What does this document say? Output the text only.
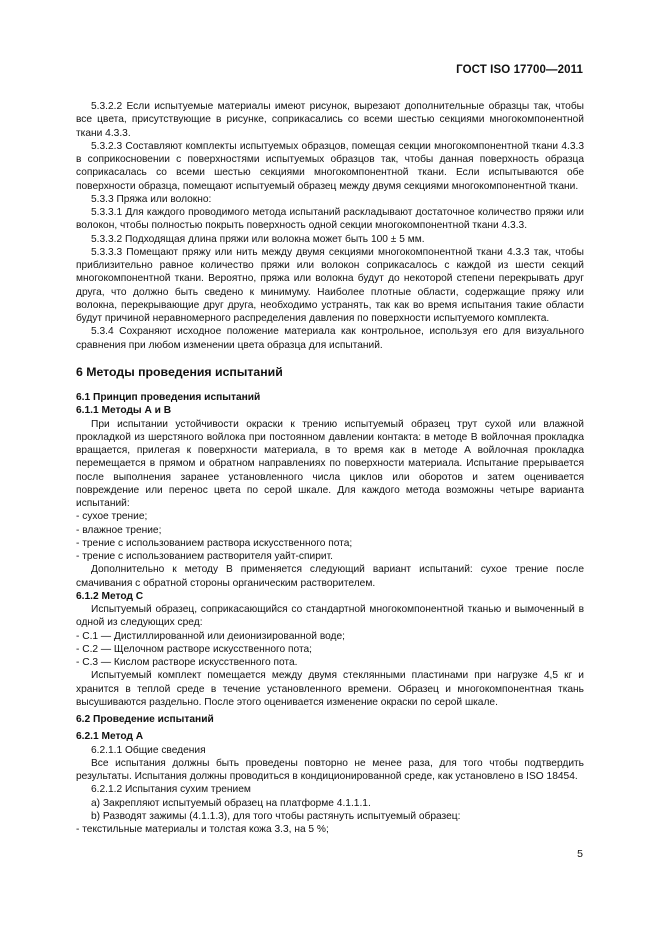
ГОСТ ISO 17700—2011

5.3.2.2 Если испытуемые материалы имеют рисунок, вырезают дополнительные образцы так, чтобы все цвета, присутствующие в рисунке, соприкасались со всеми шестью секциями многокомпонентной ткани 4.3.3.

5.3.2.3 Составляют комплекты испытуемых образцов, помещая секции многокомпонентной ткани 4.3.3 в соприкосновении с поверхностями испытуемых образцов так, чтобы данная поверхность образца соприкасалась со всеми шестью секциями многокомпонентной ткани. Если испытываются обе поверхности образца, помещают испытуемый образец между двумя секциями многокомпонентной ткани.

5.3.3 Пряжа или волокно:

5.3.3.1 Для каждого проводимого метода испытаний раскладывают достаточное количество пряжи или волокон, чтобы полностью покрыть поверхность одной секции многокомпонентной ткани 4.3.3.

5.3.3.2 Подходящая длина пряжи или волокна может быть 100 ± 5 мм.

5.3.3.3 Помещают пряжу или нить между двумя секциями многокомпонентной ткани 4.3.3 так, чтобы приблизительно равное количество пряжи или волокон соприкасалось с каждой из шести секций многокомпонентной ткани. Вероятно, пряжа или волокна будут до некоторой степени перекрывать друг друга, что должно быть сведено к минимуму. Наиболее плотные области, содержащие пряжу или волокна, перекрывающие друг друга, необходимо устранять, так как во время испытания такие области будут причиной неравномерного распределения давления по поверхности испытуемого комплекта.

5.3.4 Сохраняют исходное положение материала как контрольное, используя его для визуального сравнения при любом изменении цвета образца для испытаний.

6 Методы проведения испытаний
6.1 Принцип проведения испытаний
6.1.1 Методы А и В

При испытании устойчивости окраски к трению испытуемый образец трут сухой или влажной прокладкой из шерстяного войлока при постоянном давлении контакта: в методе В войлочная прокладка вращается, прилегая к поверхности материала, в то время как в методе А войлочная прокладка перемещается в прямом и обратном направлениях по поверхности материала. Испытание прерывается после выполнения заранее установленного числа циклов или оборотов и затем оценивается повреждение или перенос цвета по серой шкале. Для каждого метода возможны четыре варианта испытаний:

- сухое трение;

- влажное трение;

- трение с использованием раствора искусственного пота;

- трение с использованием растворителя уайт-спирит.

Дополнительно к методу В применяется следующий вариант испытаний: сухое трение после смачивания с обратной стороны органическим растворителем.

6.1.2 Метод С

Испытуемый образец, соприкасающийся со стандартной многокомпонентной тканью и вымоченный в одной из следующих сред:

- С.1 — Дистиллированной или деионизированной воде;

- С.2 — Щелочном растворе искусственного пота;

- С.3 — Кислом растворе искусственного пота.

Испытуемый комплект помещается между двумя стеклянными пластинами при нагрузке 4,5 кг и хранится в теплой среде в течение установленного времени. Образец и многокомпонентная ткань высушиваются раздельно. После этого оценивается изменение окраски по серой шкале.

6.2 Проведение испытаний
6.2.1 Метод А

6.2.1.1 Общие сведения

Все испытания должны быть проведены повторно не менее раза, для того чтобы подтвердить результаты. Испытания должны проводиться в кондиционированной среде, как установлено в ISO 18454.

6.2.1.2 Испытания сухим трением

a) Закрепляют испытуемый образец на платформе 4.1.1.1.

b) Разводят зажимы (4.1.1.3), для того чтобы растянуть испытуемый образец:

- текстильные материалы и толстая кожа 3.3, на 5 %;

5
